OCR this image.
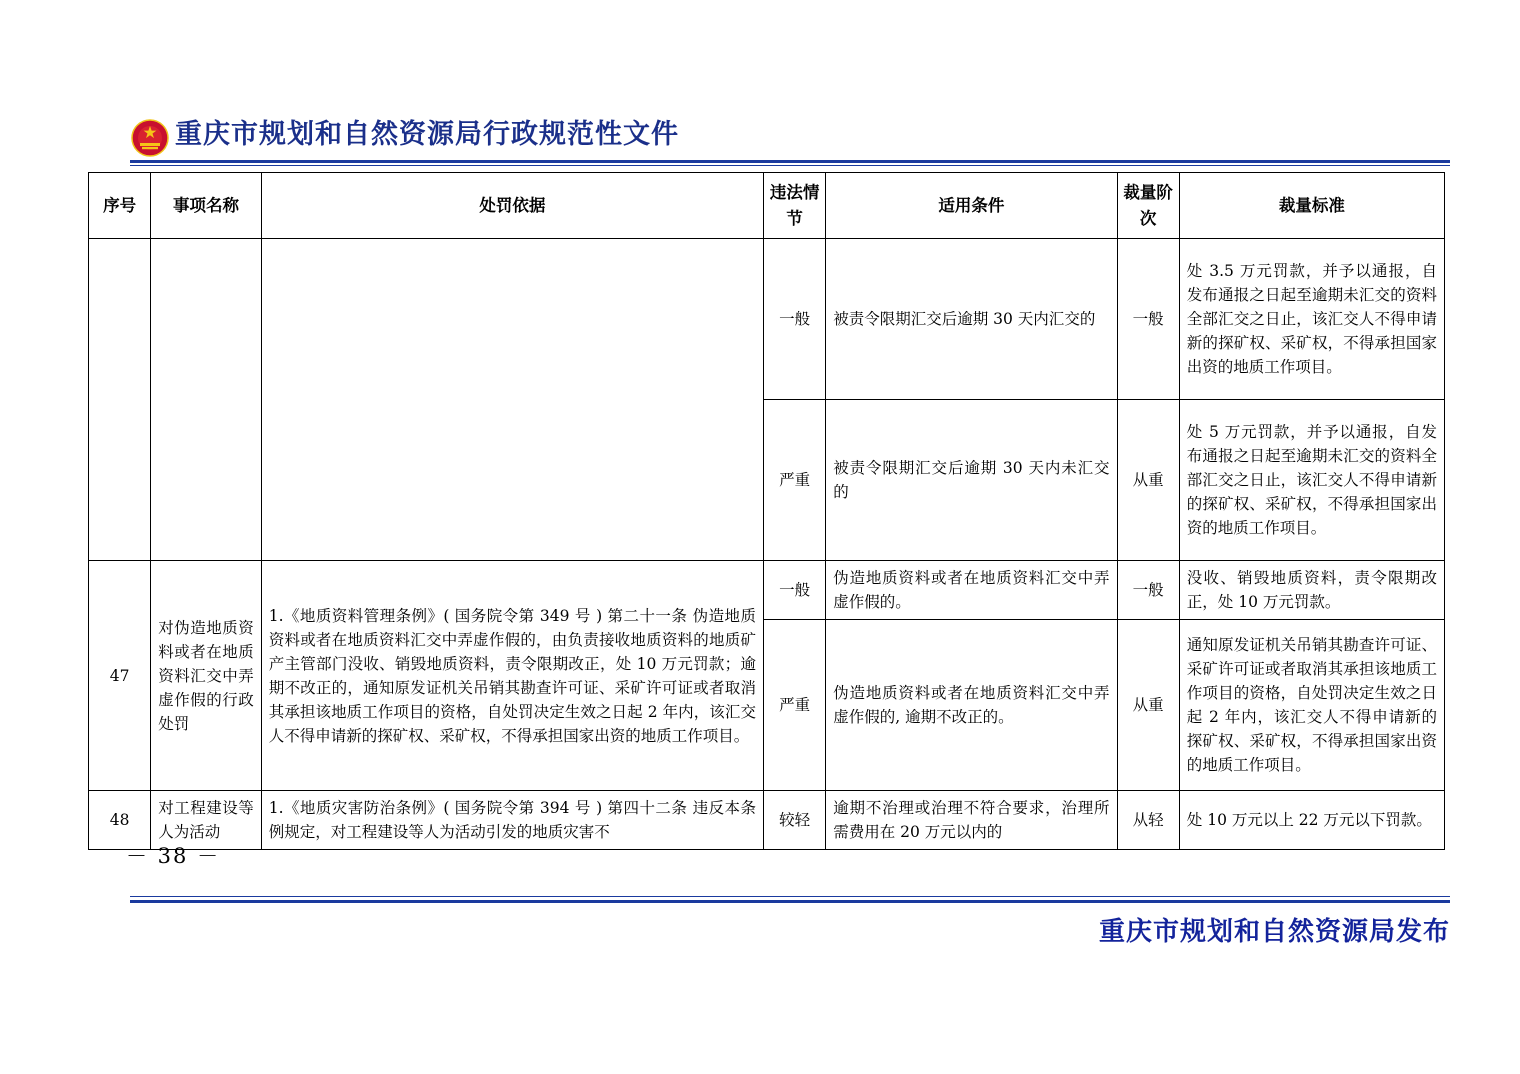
重庆市规划和自然资源局行政规范性文件
序号	事项名称	处罚依据	违法情节	适用条件	裁量阶次	裁量标准
			一般	被责令限期汇交后逾期 30 天内汇交的	一般	处 3.5 万元罚款，并予以通报，自发布通报之日起至逾期未汇交的资料全部汇交之日止，该汇交人不得申请新的探矿权、采矿权，不得承担国家出资的地质工作项目。
			严重	被责令限期汇交后逾期 30 天内未汇交的	从重	处 5 万元罚款，并予以通报，自发布通报之日起至逾期未汇交的资料全部汇交之日止，该汇交人不得申请新的探矿权、采矿权，不得承担国家出资的地质工作项目。
47	对伪造地质资料或者在地质资料汇交中弄虚作假的行政处罚	1.《地质资料管理条例》( 国务院令第 349 号 ) 第二十一条 伪造地质资料或者在地质资料汇交中弄虚作假的，由负责接收地质资料的地质矿产主管部门没收、销毁地质资料，责令限期改正，处 10 万元罚款；逾期不改正的，通知原发证机关吊销其勘查许可证、采矿许可证或者取消其承担该地质工作项目的资格，自处罚决定生效之日起 2 年内，该汇交人不得申请新的探矿权、采矿权，不得承担国家出资的地质工作项目。	一般	伪造地质资料或者在地质资料汇交中弄虚作假的。	一般	没收、销毁地质资料，责令限期改正，处 10 万元罚款。
			严重	伪造地质资料或者在地质资料汇交中弄虚作假的, 逾期不改正的。	从重	通知原发证机关吊销其勘查许可证、采矿许可证或者取消其承担该地质工作项目的资格，自处罚决定生效之日起 2 年内，该汇交人不得申请新的探矿权、采矿权，不得承担国家出资的地质工作项目。
48	对工程建设等人为活动	1.《地质灾害防治条例》( 国务院令第 394 号 ) 第四十二条 违反本条例规定，对工程建设等人为活动引发的地质灾害不	较轻	逾期不治理或治理不符合要求，治理所需费用在 20 万元以内的	从轻	处 10 万元以上 22 万元以下罚款。
－ 38 －
重庆市规划和自然资源局发布
